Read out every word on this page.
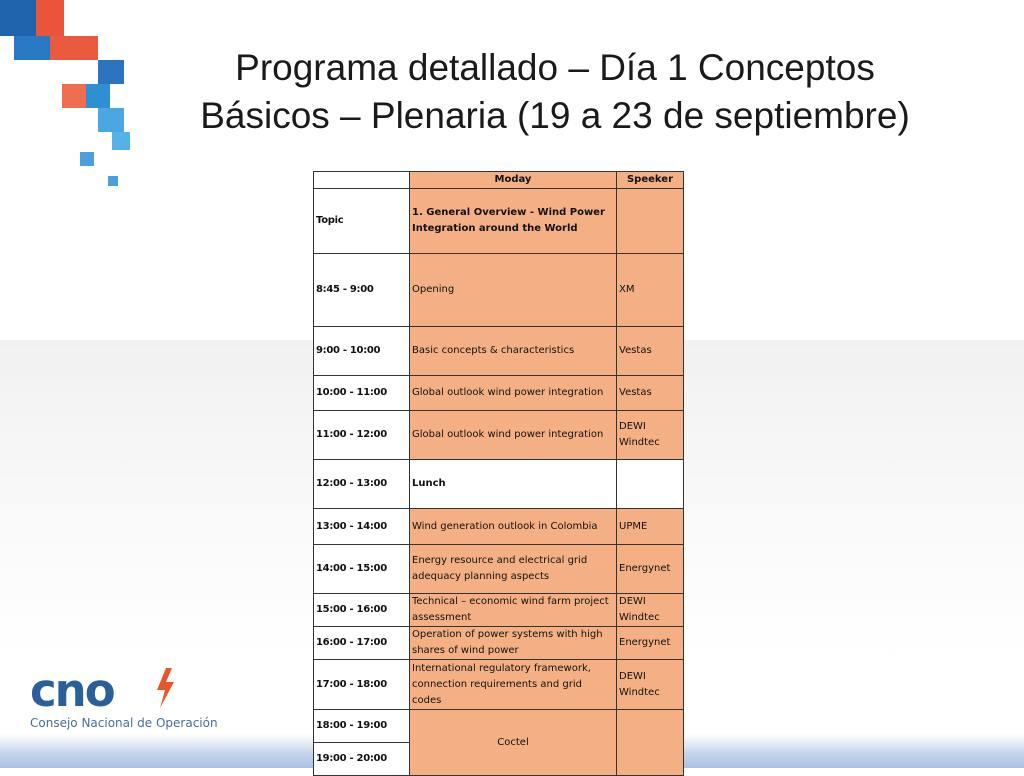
Programa detallado – Día 1 Conceptos
Básicos – Plenaria (19 a 23 de septiembre)
	Moday	Speeker
Topic	1. General Overview - Wind Power Integration around the World	
8:45 - 9:00	Opening	XM
9:00 - 10:00	Basic concepts & characteristics	Vestas
10:00 - 11:00	Global outlook wind power integration	Vestas
11:00 - 12:00	Global outlook wind power integration	DEWI Windtec
12:00 - 13:00	Lunch	
13:00 - 14:00	Wind generation outlook in Colombia	UPME
14:00 - 15:00	Energy resource and electrical grid adequacy planning aspects	Energynet
15:00 - 16:00	Technical – economic wind farm project assessment	DEWI Windtec
16:00 - 17:00	Operation of power systems with high shares of wind power	Energynet
17:00 - 18:00	International regulatory framework, connection requirements and grid codes	DEWI Windtec
18:00 - 19:00	Coctel	
19:00 - 20:00		
cno
Consejo Nacional de Operación
